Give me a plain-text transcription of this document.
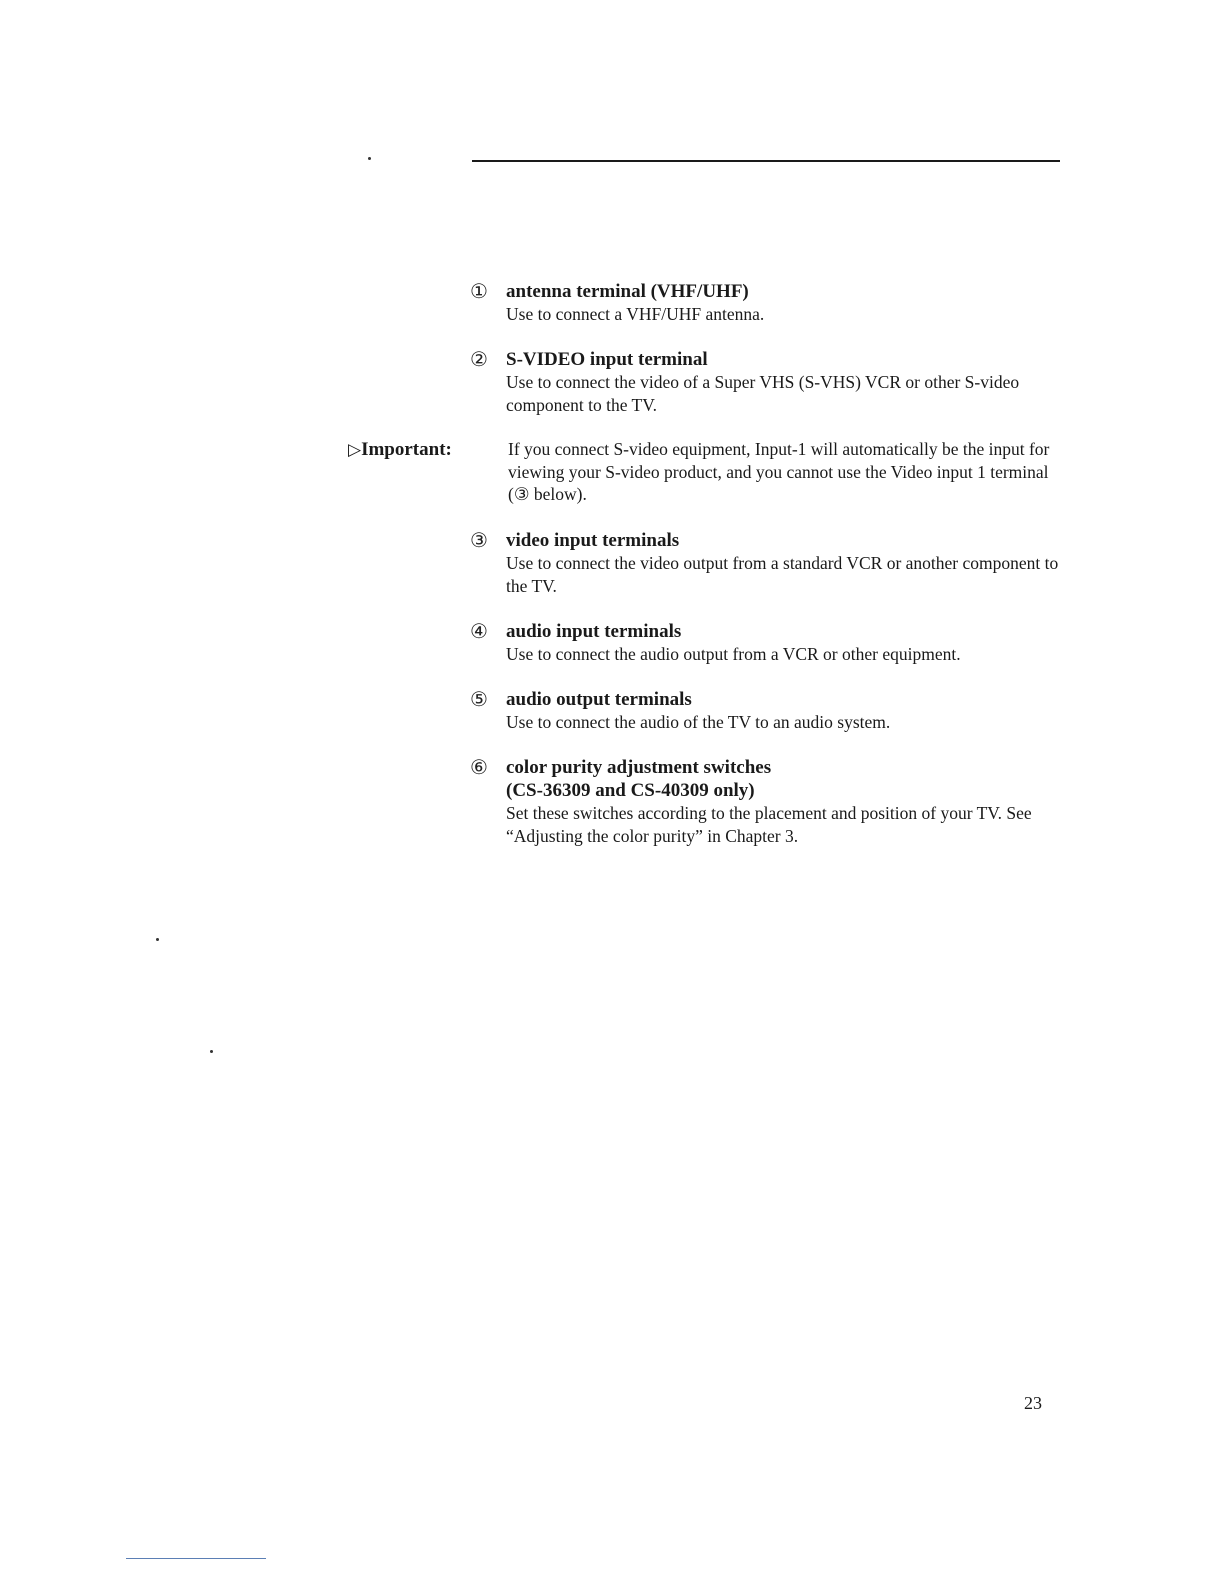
① antenna terminal (VHF/UHF)
Use to connect a VHF/UHF antenna.
② S-VIDEO input terminal
Use to connect the video of a Super VHS (S-VHS) VCR or other S-video component to the TV.
▷Important:	If you connect S-video equipment, Input-1 will automatically be the input for viewing your S-video product, and you cannot use the Video input 1 terminal (③ below).
③ video input terminals
Use to connect the video output from a standard VCR or another component to the TV.
④ audio input terminals
Use to connect the audio output from a VCR or other equipment.
⑤ audio output terminals
Use to connect the audio of the TV to an audio system.
⑥ color purity adjustment switches
(CS-36309 and CS-40309 only)
Set these switches according to the placement and position of your TV. See “Adjusting the color purity” in Chapter 3.
23
